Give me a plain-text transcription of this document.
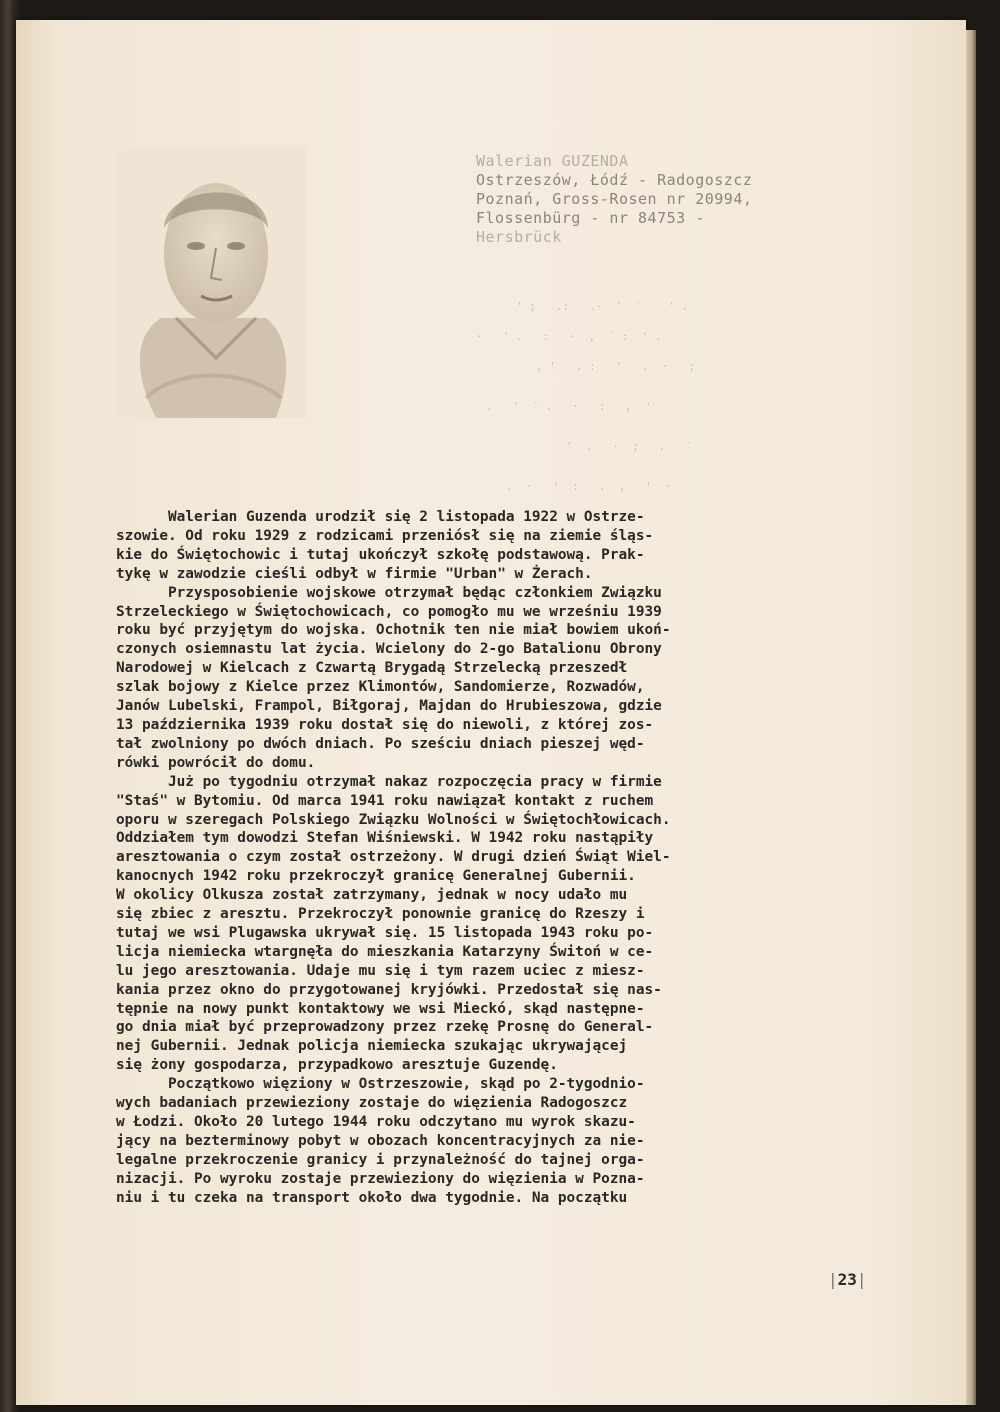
Walerian GUZENDA
Ostrzeszów, Łódź - Radogoszcz
Poznań, Gross-Rosen nr 20994,
Flossenbürg - nr 84753 -
Hersbrück
' ;   .:   .·  '  ˙    ' .
·   ' .   :   ·  ,  ˙ :  ' .
, '   . :   '   .  ·   ;
.   '  ˙ .   ·   :   ,  '
'  .   ·  ;   .   ˙
.  ·   '  :   .  ,   '  ·
Walerian Guzenda urodził się 2 listopada 1922 w Ostrze-
szowie. Od roku 1929 z rodzicami przeniósł się na ziemie śląs-
kie do Świętochowic i tutaj ukończył szkołę podstawową. Prak-
tykę w zawodzie cieśli odbył w firmie "Urban" w Żerach.
Przysposobienie wojskowe otrzymał będąc członkiem Związku
Strzeleckiego w Świętochowicach, co pomogło mu we wrześniu 1939
roku być przyjętym do wojska. Ochotnik ten nie miał bowiem ukoń-
czonych osiemnastu lat życia. Wcielony do 2-go Batalionu Obrony
Narodowej w Kielcach z Czwartą Brygadą Strzelecką przeszedł
szlak bojowy z Kielce przez Klimontów, Sandomierze, Rozwadów,
Janów Lubelski, Frampol, Biłgoraj, Majdan do Hrubieszowa, gdzie
13 października 1939 roku dostał się do niewoli, z której zos-
tał zwolniony po dwóch dniach. Po sześciu dniach pieszej węd-
rówki powrócił do domu.
Już po tygodniu otrzymał nakaz rozpoczęcia pracy w firmie
"Staś" w Bytomiu. Od marca 1941 roku nawiązał kontakt z ruchem
oporu w szeregach Polskiego Związku Wolności w Świętochłowicach.
Oddziałem tym dowodzi Stefan Wiśniewski. W 1942 roku nastąpiły
aresztowania o czym został ostrzeżony. W drugi dzień Świąt Wiel-
kanocnych 1942 roku przekroczył granicę Generalnej Gubernii.
W okolicy Olkusza został zatrzymany, jednak w nocy udało mu
się zbiec z aresztu. Przekroczył ponownie granicę do Rzeszy i
tutaj we wsi Plugawska ukrywał się. 15 listopada 1943 roku po-
licja niemiecka wtargnęła do mieszkania Katarzyny Świtoń w ce-
lu jego aresztowania. Udaje mu się i tym razem uciec z miesz-
kania przez okno do przygotowanej kryjówki. Przedostał się nas-
tępnie na nowy punkt kontaktowy we wsi Mieckó, skąd następne-
go dnia miał być przeprowadzony przez rzekę Prosnę do General-
nej Gubernii. Jednak policja niemiecka szukając ukrywającej
się żony gospodarza, przypadkowo aresztuje Guzendę.
Początkowo więziony w Ostrzeszowie, skąd po 2-tygodnio-
wych badaniach przewieziony zostaje do więzienia Radogoszcz
w Łodzi. Około 20 lutego 1944 roku odczytano mu wyrok skazu-
jący na bezterminowy pobyt w obozach koncentracyjnych za nie-
legalne przekroczenie granicy i przynależność do tajnej orga-
nizacji. Po wyroku zostaje przewieziony do więzienia w Pozna-
niu i tu czeka na transport około dwa tygodnie. Na początku
|23|
